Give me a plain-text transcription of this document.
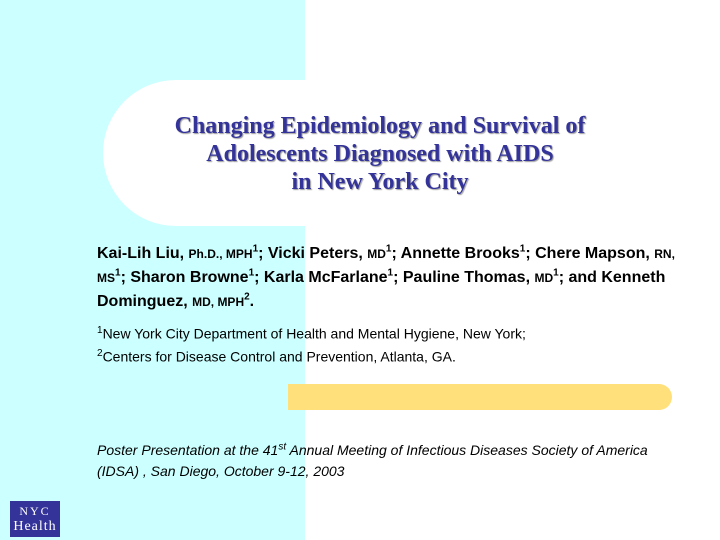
Changing Epidemiology and Survival of
Adolescents Diagnosed with AIDS
in New York City
Kai-Lih Liu, Ph.D., MPH$^1$; Vicki Peters, $MD^1$; Annette Brooks$^1$; Chere Mapson, RN, $MS^1$; Sharon Browne$^1$; Karla McFarlane$^1$; Pauline Thomas, $MD^1$; and Kenneth Dominguez, MD, MPH$^2$.
$^1$New York City Department of Health and Mental Hygiene, New York;
$^2$Centers for Disease Control and Prevention, Atlanta, GA.
Poster Presentation at the 41st Annual Meeting of Infectious Diseases Society of America (IDSA) , San Diego, October 9-12, 2003
NYC
Health
